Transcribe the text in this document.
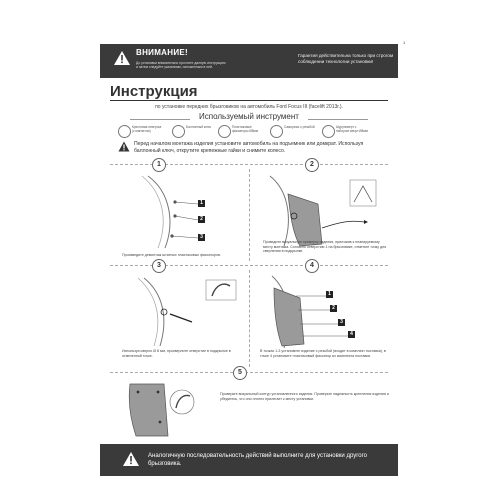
1
ВНИМАНИЕ!
До установки внимательно прочтите данную инструкцию и затем следуйте указаниям, изложенным в ней.
Гарантия действительна только при строгом соблюдении технологии установки!
Инструкция
по установке передних брызговиков на автомобиль Ford Focus III (facelift 2013г.).
Используемый инструмент
Крестовая отвертка (с магнитом)
Баллонный ключ	Пластиковые фиксаторы Ø8мм
Саморезы с резьбой	Шуруповерт с набором сверл Ø8мм
Перед началом монтажа изделия установите автомобиль на подъемник или домкрат. Используя баллонный ключ, открутите крепежные гайки и снимите колесо.
1
2
3
1
Произведите демонтаж штатных пластиковых фиксаторов.
2
Проведите визуальную примерку изделия, приложив к планируемому месту монтажа. Согласно отверстию 1 на брызговике, отметьте точку для сверления в подкрылке.
3
Используя сверло Ø 8 мм, просверлите отверстие в подкрылке в отмеченной точке.
1
2
3
4
4
В точках 1-3 установите изделие с резьбой (входит в комплект поставки), в точке 4 установите пластиковый фиксатор из комплекта поставки.
5
Проверьте визуальный контур установленного изделия. Проверьте надежность крепления изделия и убедитесь, что оно плотно прилегает к месту установки.
Аналогичную последовательность действий выполните для установки другого брызговика.
